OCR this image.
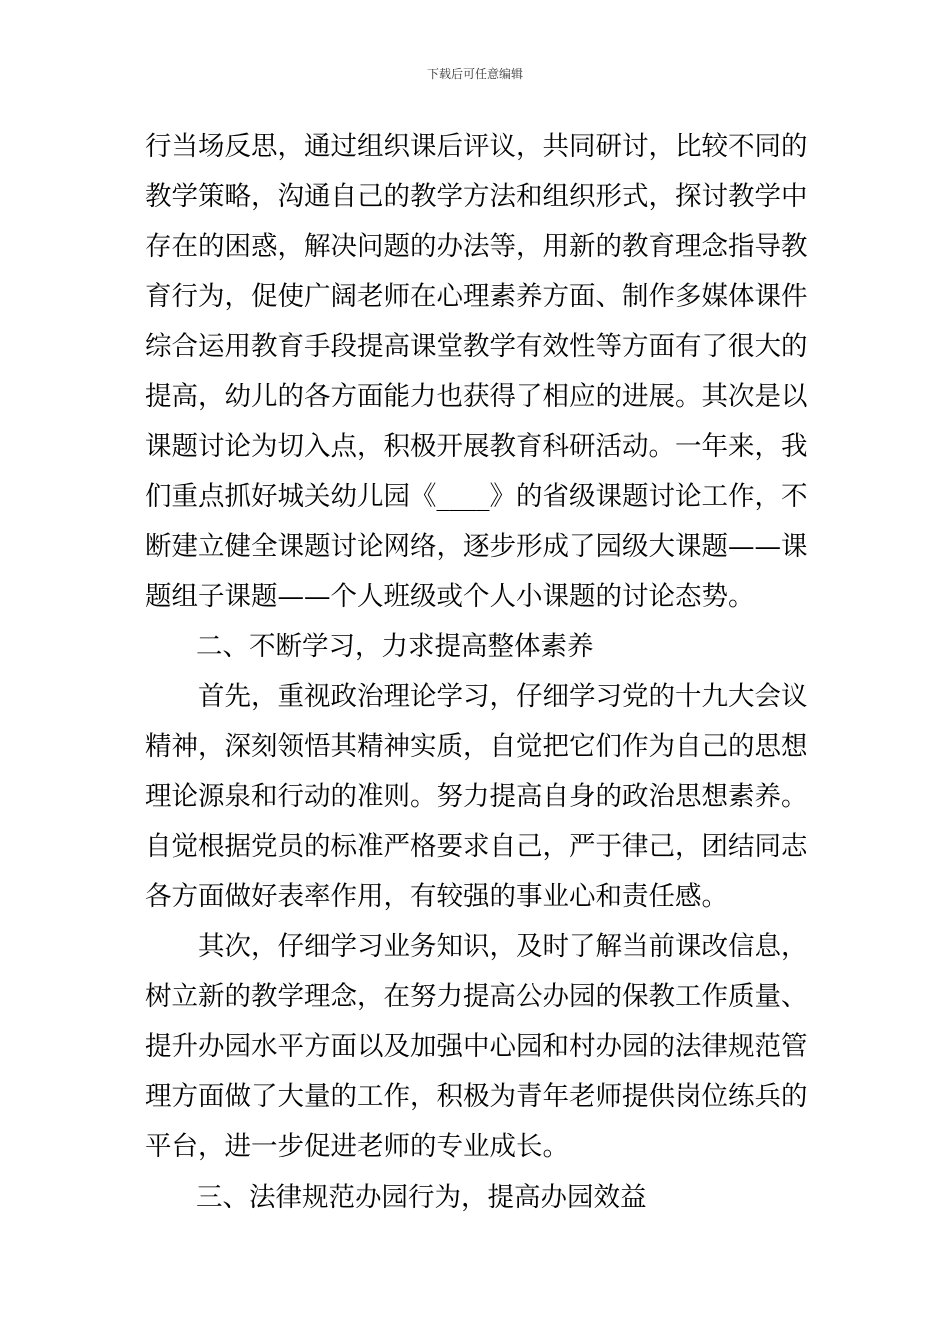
下载后可任意编辑
行当场反思，通过组织课后评议，共同研讨，比较不同的
教学策略，沟通自己的教学方法和组织形式，探讨教学中
存在的困惑，解决问题的办法等，用新的教育理念指导教
育行为，促使广阔老师在心理素养方面、制作多媒体课件
综合运用教育手段提高课堂教学有效性等方面有了很大的
提高，幼儿的各方面能力也获得了相应的进展。其次是以
课题讨论为切入点，积极开展教育科研活动。一年来，我
们重点抓好城关幼儿园《____》的省级课题讨论工作，不
断建立健全课题讨论网络，逐步形成了园级大课题——课
题组子课题——个人班级或个人小课题的讨论态势。
二、不断学习，力求提高整体素养
首先，重视政治理论学习，仔细学习党的十九大会议
精神，深刻领悟其精神实质，自觉把它们作为自己的思想
理论源泉和行动的准则。努力提高自身的政治思想素养。
自觉根据党员的标准严格要求自己，严于律己，团结同志
各方面做好表率作用，有较强的事业心和责任感。
其次，仔细学习业务知识，及时了解当前课改信息，
树立新的教学理念，在努力提高公办园的保教工作质量、
提升办园水平方面以及加强中心园和村办园的法律规范管
理方面做了大量的工作，积极为青年老师提供岗位练兵的
平台，进一步促进老师的专业成长。
三、法律规范办园行为，提高办园效益
